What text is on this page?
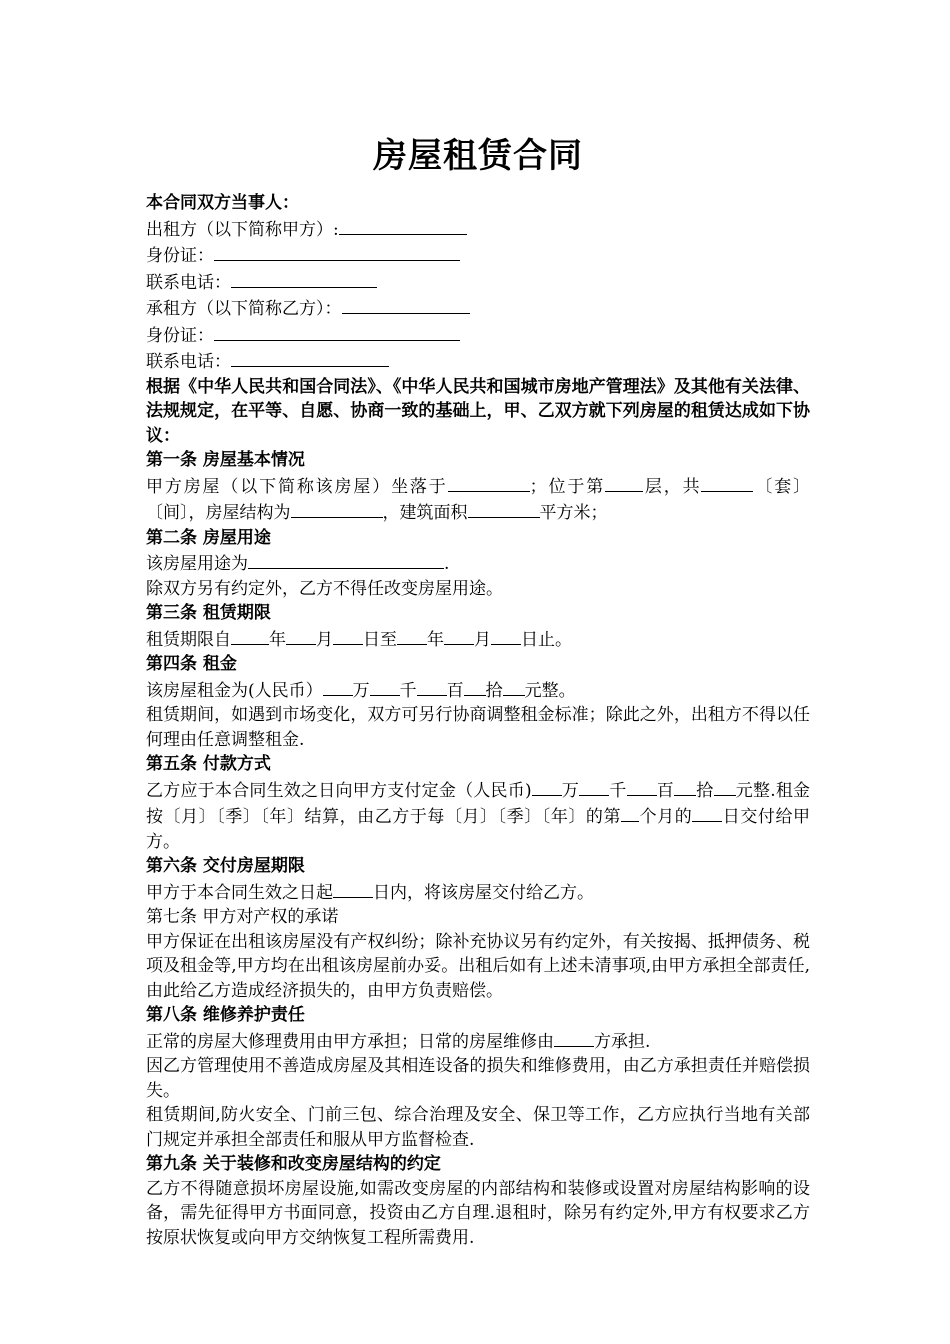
房屋租赁合同

本合同双方当事人：

出租方（以下简称甲方）:

身份证：

联系电话：

承租方（以下简称乙方）：

身份证：

联系电话：

根据《中华人民共和国合同法》、《中华人民共和国城市房地产管理法》及其他有关法律、法规规定，在平等、自愿、协商一致的基础上，甲、乙双方就下列房屋的租赁达成如下协议：

第一条 房屋基本情况

甲方房屋（以下简称该房屋）坐落于	；位于第 层，共	〔套〕〔间〕，房屋结构为	，建筑面积	平方米；

第二条 房屋用途

该房屋用途为	.

除双方另有约定外，乙方不得任改变房屋用途。

第三条 租赁期限

租赁期限自 年 月 日至 年 月 日止。

第四条 租金

该房屋租金为(人民币） 万 千 百 拾 元整。

租赁期间，如遇到市场变化，双方可另行协商调整租金标准；除此之外，出租方不得以任何理由任意调整租金.

第五条 付款方式

乙方应于本合同生效之日向甲方支付定金（人民币) 万 千 百 拾 元整.租金按〔月〕〔季〕〔年〕结算，由乙方于每〔月〕〔季〕〔年〕的第 个月的 日交付给甲方。

第六条 交付房屋期限

甲方于本合同生效之日起 日内，将该房屋交付给乙方。

第七条 甲方对产权的承诺

甲方保证在出租该房屋没有产权纠纷；除补充协议另有约定外，有关按揭、抵押债务、税项及租金等,甲方均在出租该房屋前办妥。出租后如有上述未清事项,由甲方承担全部责任,由此给乙方造成经济损失的，由甲方负责赔偿。

第八条 维修养护责任

正常的房屋大修理费用由甲方承担；日常的房屋维修由 方承担.

因乙方管理使用不善造成房屋及其相连设备的损失和维修费用，由乙方承担责任并赔偿损失。

租赁期间,防火安全、门前三包、综合治理及安全、保卫等工作，乙方应执行当地有关部门规定并承担全部责任和服从甲方监督检查.

第九条 关于装修和改变房屋结构的约定

乙方不得随意损坏房屋设施,如需改变房屋的内部结构和装修或设置对房屋结构影响的设备，需先征得甲方书面同意，投资由乙方自理.退租时，除另有约定外,甲方有权要求乙方按原状恢复或向甲方交纳恢复工程所需费用.
